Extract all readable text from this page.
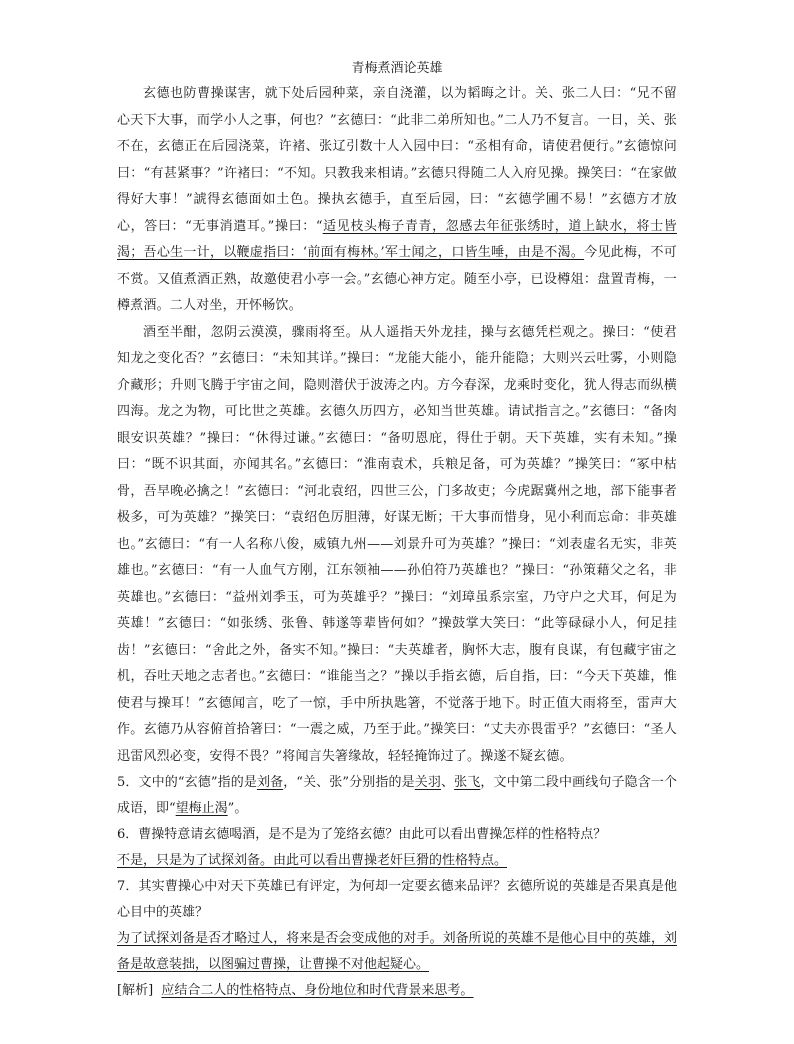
青梅煮酒论英雄

玄德也防曹操谋害，就下处后园种菜，亲自浇灌，以为韬晦之计。关、张二人曰：“兄不留心天下大事，而学小人之事，何也？”玄德曰：“此非二弟所知也。”二人乃不复言。一日，关、张不在，玄德正在后园浇菜，许褚、张辽引数十人入园中曰：“丞相有命，请使君便行。”玄德惊问曰：“有甚紧事？”许褚曰：“不知。只教我来相请。”玄德只得随二人入府见操。操笑曰：“在家做得好大事！”諕得玄德面如土色。操执玄德手，直至后园，曰：“玄德学圃不易！”玄德方才放心，答曰：“无事消遣耳。”操曰：“适见枝头梅子青青，忽感去年征张绣时，道上缺水，将士皆渴；吾心生一计，以鞭虚指曰：‘前面有梅林。’军士闻之，口皆生唾，由是不渴。今见此梅，不可不赏。又值煮酒正熟，故邀使君小亭一会。”玄德心神方定。随至小亭，已设樽俎：盘置青梅，一樽煮酒。二人对坐，开怀畅饮。

酒至半酣，忽阴云漠漠，骤雨将至。从人遥指天外龙挂，操与玄德凭栏观之。操曰：“使君知龙之变化否？”玄德曰：“未知其详。”操曰：“龙能大能小，能升能隐；大则兴云吐雾，小则隐介藏形；升则飞腾于宇宙之间，隐则潜伏于波涛之内。方今春深，龙乘时变化，犹人得志而纵横四海。龙之为物，可比世之英雄。玄德久历四方，必知当世英雄。请试指言之。”玄德曰：“备肉眼安识英雄？”操曰：“休得过谦。”玄德曰：“备叨恩庇，得仕于朝。天下英雄，实有未知。”操曰：“既不识其面，亦闻其名。”玄德曰：“淮南袁术，兵粮足备，可为英雄？”操笑曰：“冢中枯骨，吾早晚必擒之！”玄德曰：“河北袁绍，四世三公，门多故吏；今虎踞冀州之地，部下能事者极多，可为英雄？”操笑曰：“袁绍色厉胆薄，好谋无断；干大事而惜身，见小利而忘命：非英雄也。”玄德曰：“有一人名称八俊，威镇九州——刘景升可为英雄？”操曰：“刘表虚名无实，非英雄也。”玄德曰：“有一人血气方刚，江东领袖——孙伯符乃英雄也？”操曰：“孙策藉父之名，非英雄也。”玄德曰：“益州刘季玉，可为英雄乎？”操曰：“刘璋虽系宗室，乃守户之犬耳，何足为英雄！”玄德曰：“如张绣、张鲁、韩遂等辈皆何如？”操鼓掌大笑曰：“此等碌碌小人，何足挂齿！”玄德曰：“舍此之外，备实不知。”操曰：“夫英雄者，胸怀大志，腹有良谋，有包藏宇宙之机，吞吐天地之志者也。”玄德曰：“谁能当之？”操以手指玄德，后自指，曰：“今天下英雄，惟使君与操耳！”玄德闻言，吃了一惊，手中所执匙箸，不觉落于地下。时正值大雨将至，雷声大作。玄德乃从容俯首拾箸曰：“一震之威，乃至于此。”操笑曰：“丈夫亦畏雷乎？”玄德曰：“圣人迅雷风烈必变，安得不畏？”将闻言失箸缘故，轻轻掩饰过了。操遂不疑玄德。

5．文中的“玄德”指的是刘备，“关、张”分别指的是关羽、张飞，文中第二段中画线句子隐含一个成语，即“望梅止渴”。

6．曹操特意请玄德喝酒，是不是为了笼络玄德？由此可以看出曹操怎样的性格特点？

不是，只是为了试探刘备。由此可以看出曹操老奸巨猾的性格特点。

7．其实曹操心中对天下英雄已有评定，为何却一定要玄德来品评？玄德所说的英雄是否果真是他心目中的英雄？

为了试探刘备是否才略过人，将来是否会变成他的对手。刘备所说的英雄不是他心目中的英雄，刘备是故意装拙，以图骗过曹操，让曹操不对他起疑心。

[解析] 应结合二人的性格特点、身份地位和时代背景来思考。
